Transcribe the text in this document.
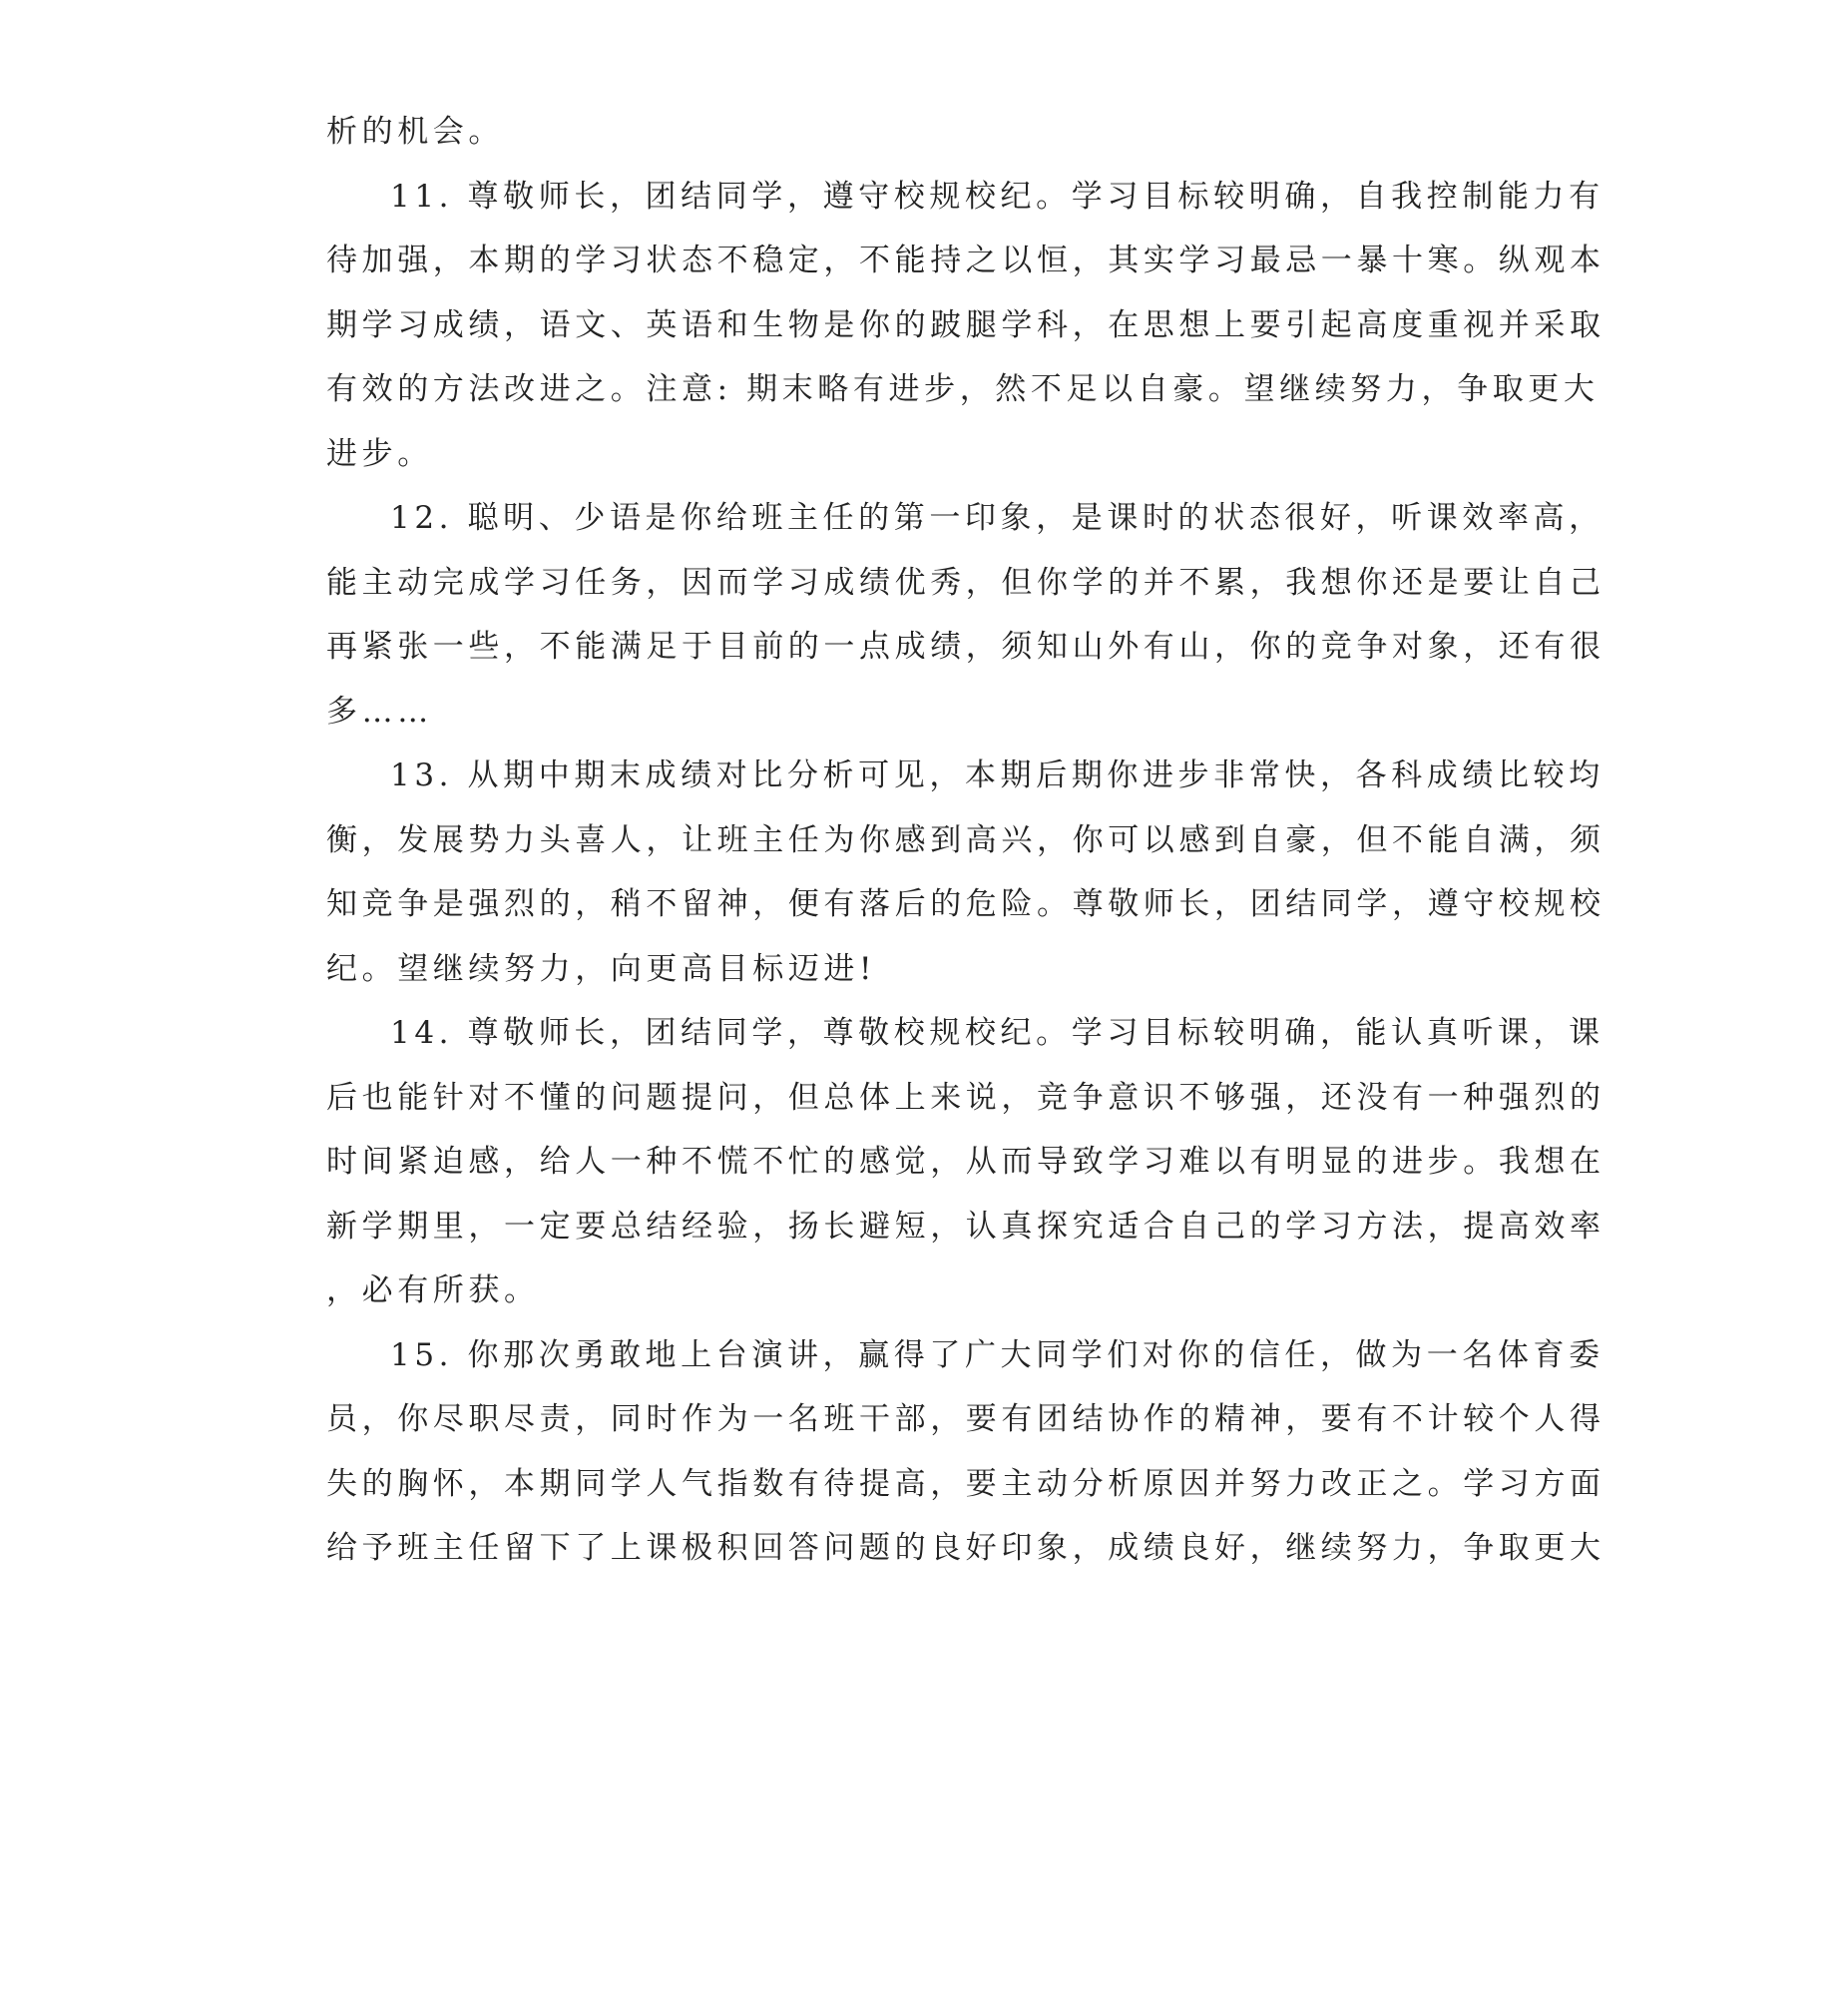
析的机会。
11. 尊敬师长，团结同学，遵守校规校纪。学习目标较明确，自我控制能力有
待加强，本期的学习状态不稳定，不能持之以恒，其实学习最忌一暴十寒。纵观本
期学习成绩，语文、英语和生物是你的跛腿学科，在思想上要引起高度重视并采取
有效的方法改进之。注意: 期末略有进步，然不足以自豪。望继续努力，争取更大
进步。
12. 聪明、少语是你给班主任的第一印象，是课时的状态很好，听课效率高，
能主动完成学习任务，因而学习成绩优秀，但你学的并不累，我想你还是要让自己
再紧张一些，不能满足于目前的一点成绩，须知山外有山，你的竞争对象，还有很
多……
13. 从期中期末成绩对比分析可见，本期后期你进步非常快，各科成绩比较均
衡，发展势力头喜人，让班主任为你感到高兴，你可以感到自豪，但不能自满，须
知竞争是强烈的，稍不留神，便有落后的危险。尊敬师长，团结同学，遵守校规校
纪。望继续努力，向更高目标迈进!
14. 尊敬师长，团结同学，尊敬校规校纪。学习目标较明确，能认真听课，课
后也能针对不懂的问题提问，但总体上来说，竞争意识不够强，还没有一种强烈的
时间紧迫感，给人一种不慌不忙的感觉，从而导致学习难以有明显的进步。我想在
新学期里，一定要总结经验，扬长避短，认真探究适合自己的学习方法，提高效率
，必有所获。
15. 你那次勇敢地上台演讲，赢得了广大同学们对你的信任，做为一名体育委
员，你尽职尽责，同时作为一名班干部，要有团结协作的精神，要有不计较个人得
失的胸怀，本期同学人气指数有待提高，要主动分析原因并努力改正之。学习方面
给予班主任留下了上课极积回答问题的良好印象，成绩良好，继续努力，争取更大
